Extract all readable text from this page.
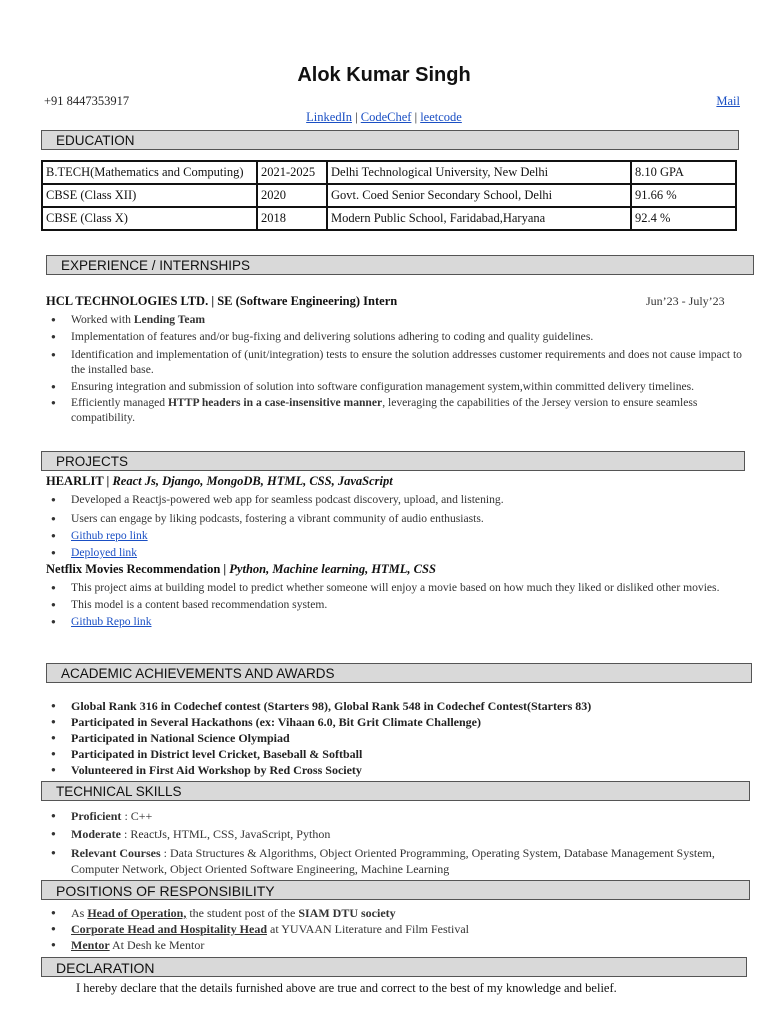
Alok Kumar Singh
+91 8447353917	Mail
LinkedIn | CodeChef | leetcode
EDUCATION
B.TECH(Mathematics and Computing)	2021-2025	Delhi Technological University, New Delhi	8.10 GPA
CBSE (Class XII)	2020	Govt. Coed Senior Secondary School, Delhi	91.66 %
CBSE (Class X)	2018	Modern Public School, Faridabad,Haryana	92.4 %
EXPERIENCE / INTERNSHIPS
HCL TECHNOLOGIES LTD. | SE (Software Engineering) Intern	Jun’23 - July’23
● Worked with Lending Team
● Implementation of features and/or bug-fixing and delivering solutions adhering to coding and quality guidelines.
● Identification and implementation of (unit/integration) tests to ensure the solution addresses customer requirements and does not cause impact to the installed base.
● Ensuring integration and submission of solution into software configuration management system,within committed delivery timelines.
● Efficiently managed HTTP headers in a case-insensitive manner, leveraging the capabilities of the Jersey version to ensure seamless compatibility.
PROJECTS
HEARLIT | React Js, Django, MongoDB, HTML, CSS, JavaScript
● Developed a Reactjs-powered web app for seamless podcast discovery, upload, and listening.
● Users can engage by liking podcasts, fostering a vibrant community of audio enthusiasts.
● Github repo link
● Deployed link
Netflix Movies Recommendation | Python, Machine learning, HTML, CSS
● This project aims at building model to predict whether someone will enjoy a movie based on how much they liked or disliked other movies.
● This model is a content based recommendation system.
● Github Repo link
ACADEMIC ACHIEVEMENTS AND AWARDS
● Global Rank 316 in Codechef contest (Starters 98), Global Rank 548 in Codechef Contest(Starters 83)
● Participated in Several Hackathons (ex: Vihaan 6.0, Bit Grit Climate Challenge)
● Participated in National Science Olympiad
● Participated in District level Cricket, Baseball & Softball
● Volunteered in First Aid Workshop by Red Cross Society
TECHNICAL SKILLS
● Proficient : C++
● Moderate : ReactJs, HTML, CSS, JavaScript, Python
● Relevant Courses : Data Structures & Algorithms, Object Oriented Programming, Operating System, Database Management System, Computer Network, Object Oriented Software Engineering, Machine Learning
POSITIONS OF RESPONSIBILITY
● As Head of Operation, the student post of the SIAM DTU society
● Corporate Head and Hospitality Head at YUVAAN Literature and Film Festival
● Mentor At Desh ke Mentor
DECLARATION
I hereby declare that the details furnished above are true and correct to the best of my knowledge and belief.
